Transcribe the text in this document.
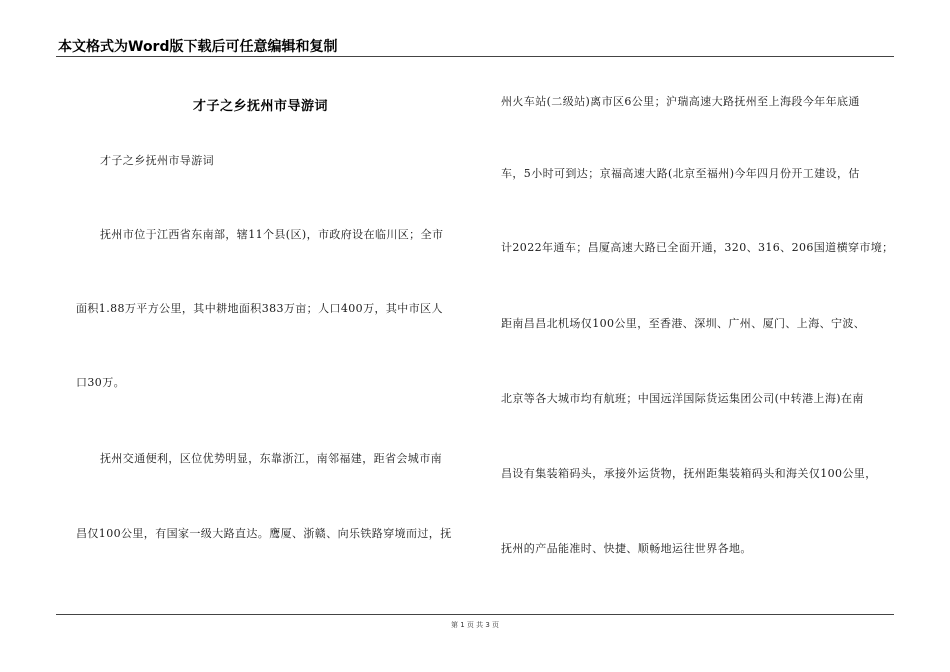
本文格式为Word版下载后可任意编辑和复制
才子之乡抚州市导游词
才子之乡抚州市导游词
抚州市位于江西省东南部，辖11个县(区)，市政府设在临川区；全市
面积1.88万平方公里，其中耕地面积383万亩；人口400万，其中市区人
口30万。
抚州交通便利，区位优势明显，东靠浙江，南邻福建，距省会城市南
昌仅100公里，有国家一级大路直达。鹰厦、浙赣、向乐铁路穿境而过，抚
州火车站(二级站)离市区6公里；沪瑞高速大路抚州至上海段今年年底通
车，5小时可到达；京福高速大路(北京至福州)今年四月份开工建设，估
计2022年通车；昌厦高速大路已全面开通，320、316、206国道横穿市境；
距南昌昌北机场仅100公里，至香港、深圳、广州、厦门、上海、宁波、
北京等各大城市均有航班；中国远洋国际货运集团公司(中转港上海)在南
昌设有集装箱码头，承接外运货物，抚州距集装箱码头和海关仅100公里，
抚州的产品能准时、快捷、顺畅地运往世界各地。
第 1 页 共 3 页
